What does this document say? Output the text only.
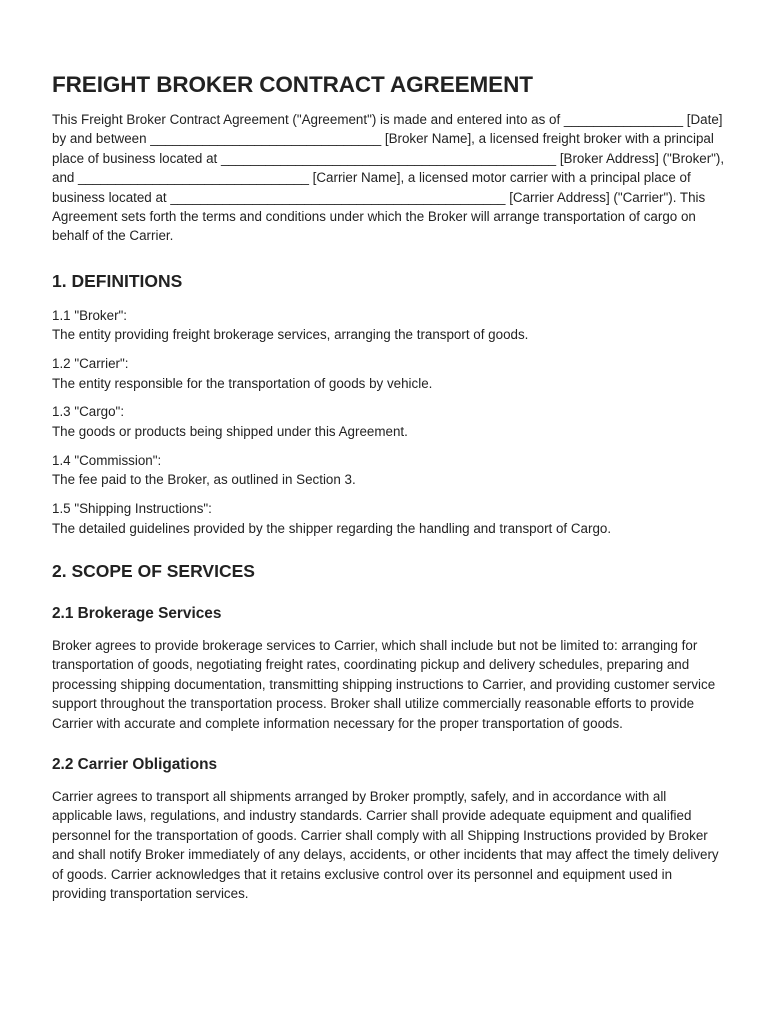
FREIGHT BROKER CONTRACT AGREEMENT

This Freight Broker Contract Agreement ("Agreement") is made and entered into as of ________________ [Date] by and between _______________________________ [Broker Name], a licensed freight broker with a principal place of business located at _____________________________________________ [Broker Address] ("Broker"), and _______________________________ [Carrier Name], a licensed motor carrier with a principal place of business located at _____________________________________________ [Carrier Address] ("Carrier"). This Agreement sets forth the terms and conditions under which the Broker will arrange transportation of cargo on behalf of the Carrier.

1. DEFINITIONS
1.1 "Broker":
The entity providing freight brokerage services, arranging the transport of goods.
1.2 "Carrier":
The entity responsible for the transportation of goods by vehicle.
1.3 "Cargo":
The goods or products being shipped under this Agreement.
1.4 "Commission":
The fee paid to the Broker, as outlined in Section 3.
1.5 "Shipping Instructions":
The detailed guidelines provided by the shipper regarding the handling and transport of Cargo.
2. SCOPE OF SERVICES
2.1 Brokerage Services

Broker agrees to provide brokerage services to Carrier, which shall include but not be limited to: arranging for transportation of goods, negotiating freight rates, coordinating pickup and delivery schedules, preparing and processing shipping documentation, transmitting shipping instructions to Carrier, and providing customer service support throughout the transportation process. Broker shall utilize commercially reasonable efforts to provide Carrier with accurate and complete information necessary for the proper transportation of goods.

2.2 Carrier Obligations

Carrier agrees to transport all shipments arranged by Broker promptly, safely, and in accordance with all applicable laws, regulations, and industry standards. Carrier shall provide adequate equipment and qualified personnel for the transportation of goods. Carrier shall comply with all Shipping Instructions provided by Broker and shall notify Broker immediately of any delays, accidents, or other incidents that may affect the timely delivery of goods. Carrier acknowledges that it retains exclusive control over its personnel and equipment used in providing transportation services.
